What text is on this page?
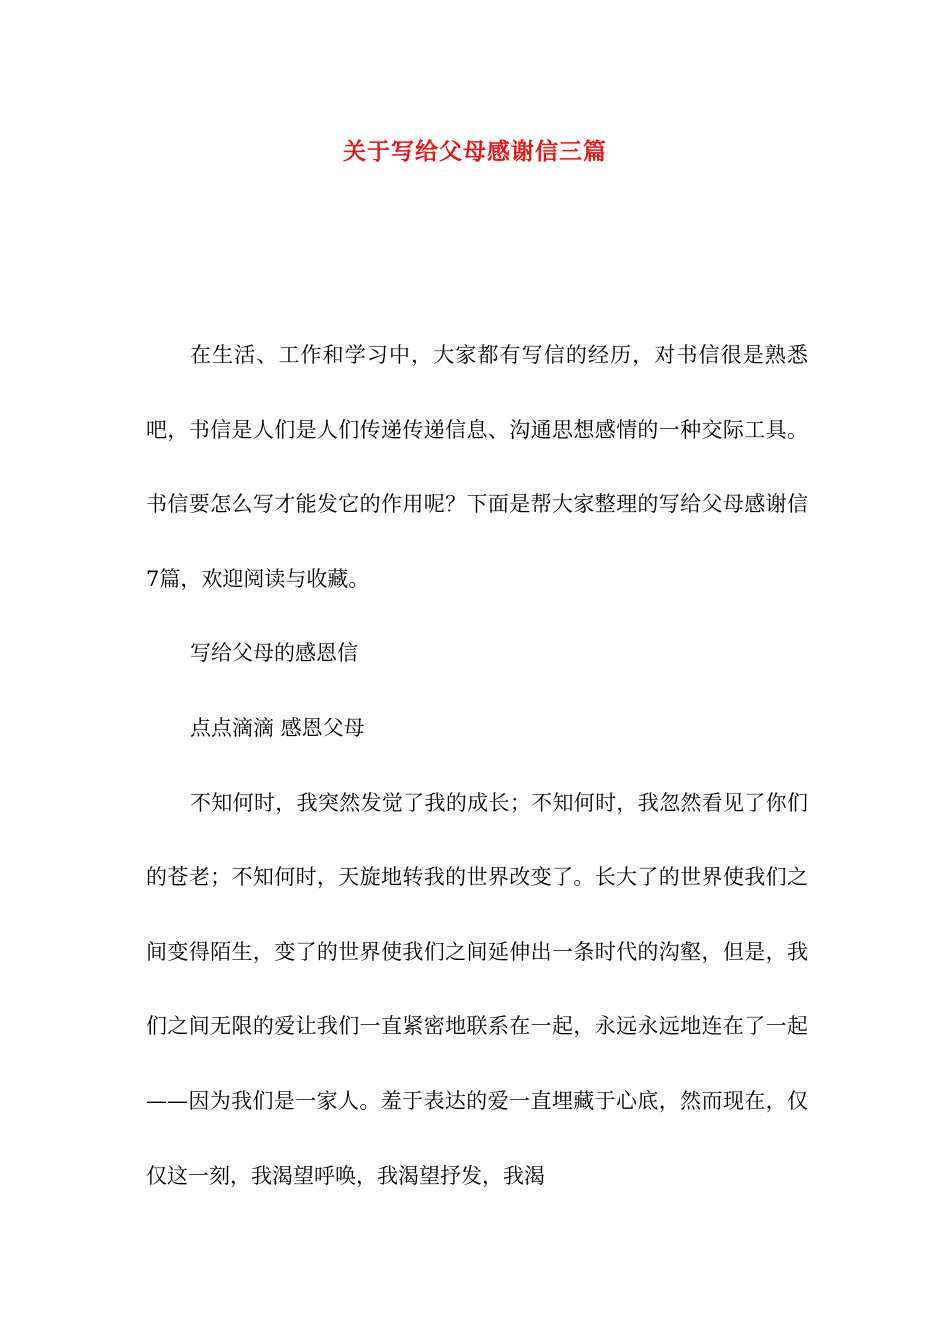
关于写给父母感谢信三篇

在生活、工作和学习中，大家都有写信的经历，对书信很是熟悉吧，书信是人们是人们传递传递信息、沟通思想感情的一种交际工具。书信要怎么写才能发它的作用呢？下面是帮大家整理的写给父母感谢信7篇，欢迎阅读与收藏。

写给父母的感恩信

点点滴滴 感恩父母

不知何时，我突然发觉了我的成长；不知何时，我忽然看见了你们的苍老；不知何时，天旋地转我的世界改变了。长大了的世界使我们之间变得陌生，变了的世界使我们之间延伸出一条时代的沟壑，但是，我们之间无限的爱让我们一直紧密地联系在一起，永远永远地连在了一起——因为我们是一家人。羞于表达的爱一直埋藏于心底，然而现在，仅仅这一刻，我渴望呼唤，我渴望抒发，我渴
